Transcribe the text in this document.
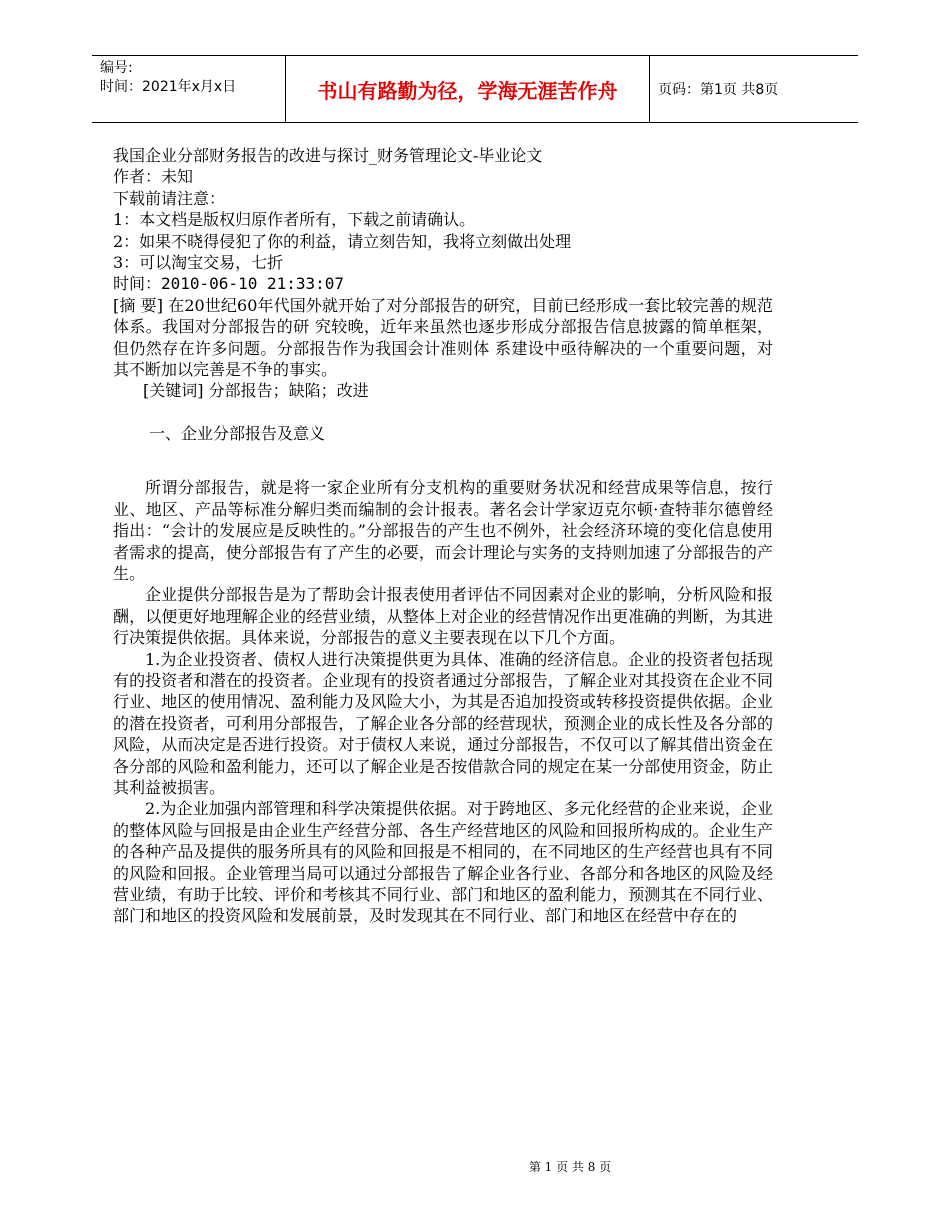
编号:
时间：2021年x月x日	书山有路勤为径，学海无涯苦作舟	页码：第1页 共8页

我国企业分部财务报告的改进与探讨_财务管理论文-毕业论文

作者：未知

下载前请注意：

1：本文档是版权归原作者所有，下载之前请确认。

2：如果不晓得侵犯了你的利益，请立刻告知，我将立刻做出处理

3：可以淘宝交易，七折

时间：2010-06-10 21:33:07

[摘 要] 在20世纪60年代国外就开始了对分部报告的研究，目前已经形成一套比较完善的规范体系。我国对分部报告的研 究较晚，近年来虽然也逐步形成分部报告信息披露的简单框架，但仍然存在许多问题。分部报告作为我国会计准则体 系建设中亟待解决的一个重要问题，对其不断加以完善是不争的事实。

[关键词] 分部报告；缺陷；改进

一、企业分部报告及意义

所谓分部报告，就是将一家企业所有分支机构的重要财务状况和经营成果等信息，按行业、地区、产品等标准分解归类而编制的会计报表。著名会计学家迈克尔顿·查特菲尔德曾经指出：“会计的发展应是反映性的。”分部报告的产生也不例外，社会经济环境的变化信息使用者需求的提高，使分部报告有了产生的必要，而会计理论与实务的支持则加速了分部报告的产生。

企业提供分部报告是为了帮助会计报表使用者评估不同因素对企业的影响，分析风险和报酬，以便更好地理解企业的经营业绩，从整体上对企业的经营情况作出更准确的判断，为其进行决策提供依据。具体来说，分部报告的意义主要表现在以下几个方面。

1.为企业投资者、债权人进行决策提供更为具体、准确的经济信息。企业的投资者包括现有的投资者和潜在的投资者。企业现有的投资者通过分部报告，了解企业对其投资在企业不同行业、地区的使用情况、盈利能力及风险大小，为其是否追加投资或转移投资提供依据。企业的潜在投资者，可利用分部报告，了解企业各分部的经营现状，预测企业的成长性及各分部的风险，从而决定是否进行投资。对于债权人来说，通过分部报告，不仅可以了解其借出资金在各分部的风险和盈利能力，还可以了解企业是否按借款合同的规定在某一分部使用资金，防止其利益被损害。

2.为企业加强内部管理和科学决策提供依据。对于跨地区、多元化经营的企业来说，企业的整体风险与回报是由企业生产经营分部、各生产经营地区的风险和回报所构成的。企业生产的各种产品及提供的服务所具有的风险和回报是不相同的，在不同地区的生产经营也具有不同的风险和回报。企业管理当局可以通过分部报告了解企业各行业、各部分和各地区的风险及经营业绩，有助于比较、评价和考核其不同行业、部门和地区的盈利能力，预测其在不同行业、部门和地区的投资风险和发展前景，及时发现其在不同行业、部门和地区在经营中存在的

第 1 页 共 8 页
